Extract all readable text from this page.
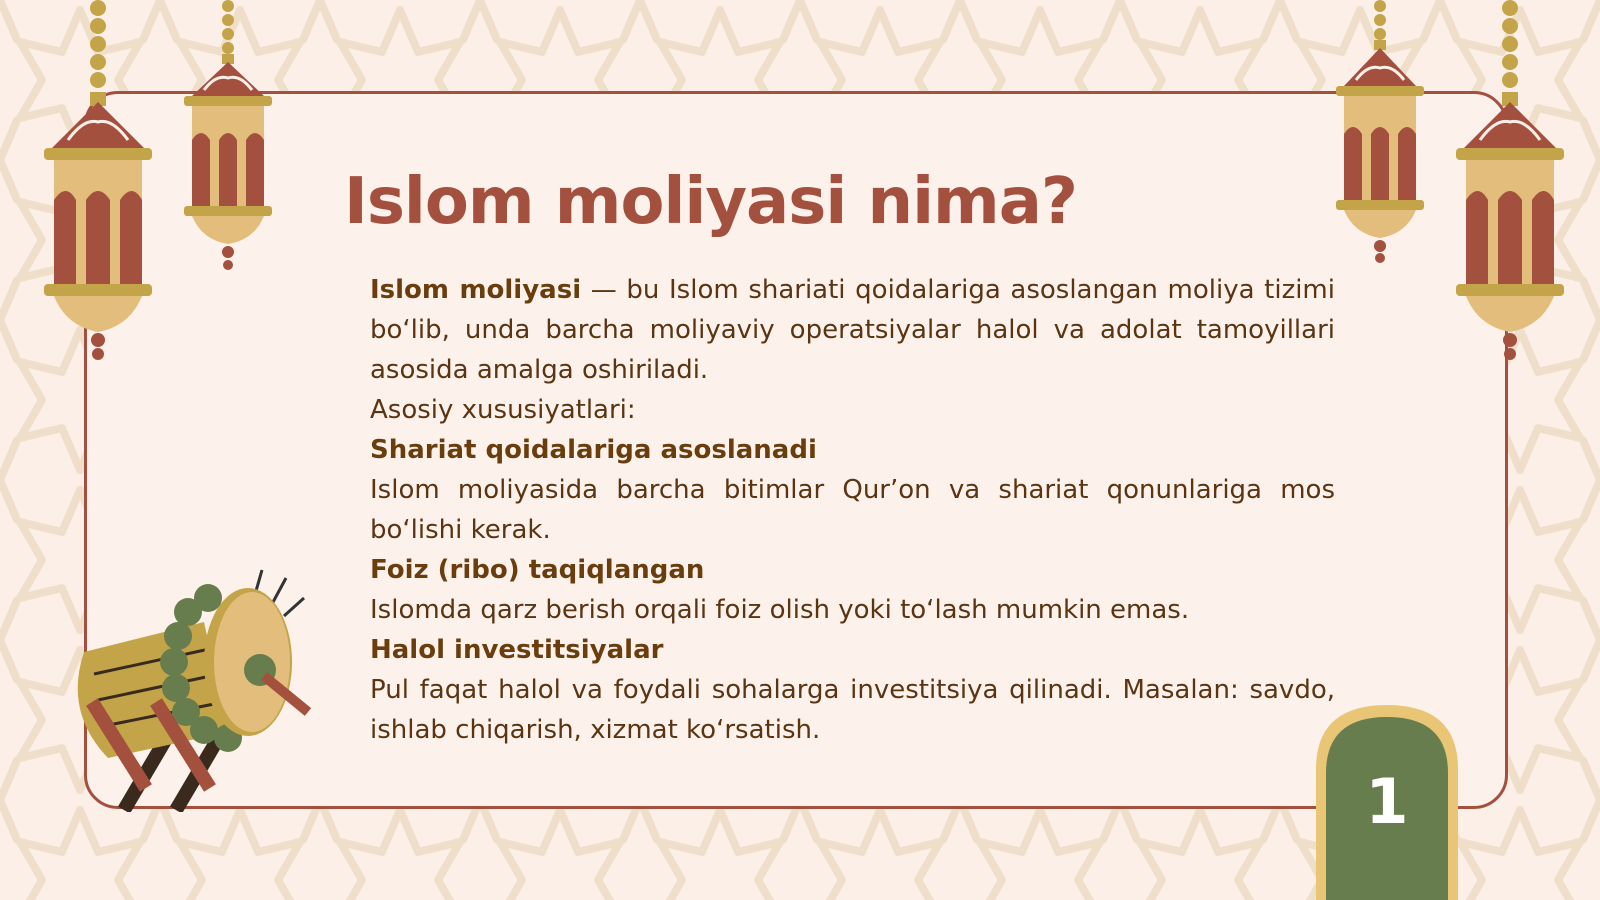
Islom moliyasi nima?

Islom moliyasi — bu Islom shariati qoidalariga asoslangan moliya tizimi bo‘lib, unda barcha moliyaviy operatsiyalar halol va adolat tamoyillari asosida amalga oshiriladi.

Asosiy xususiyatlari:

Shariat qoidalariga asoslanadi

Islom moliyasida barcha bitimlar Qur’on va shariat qonunlariga mos bo‘lishi kerak.

Foiz (ribo) taqiqlangan

Islomda qarz berish orqali foiz olish yoki to‘lash mumkin emas.

Halol investitsiyalar

Pul faqat halol va foydali sohalarga investitsiya qilinadi. Masalan: savdo, ishlab chiqarish, xizmat ko‘rsatish.

1
